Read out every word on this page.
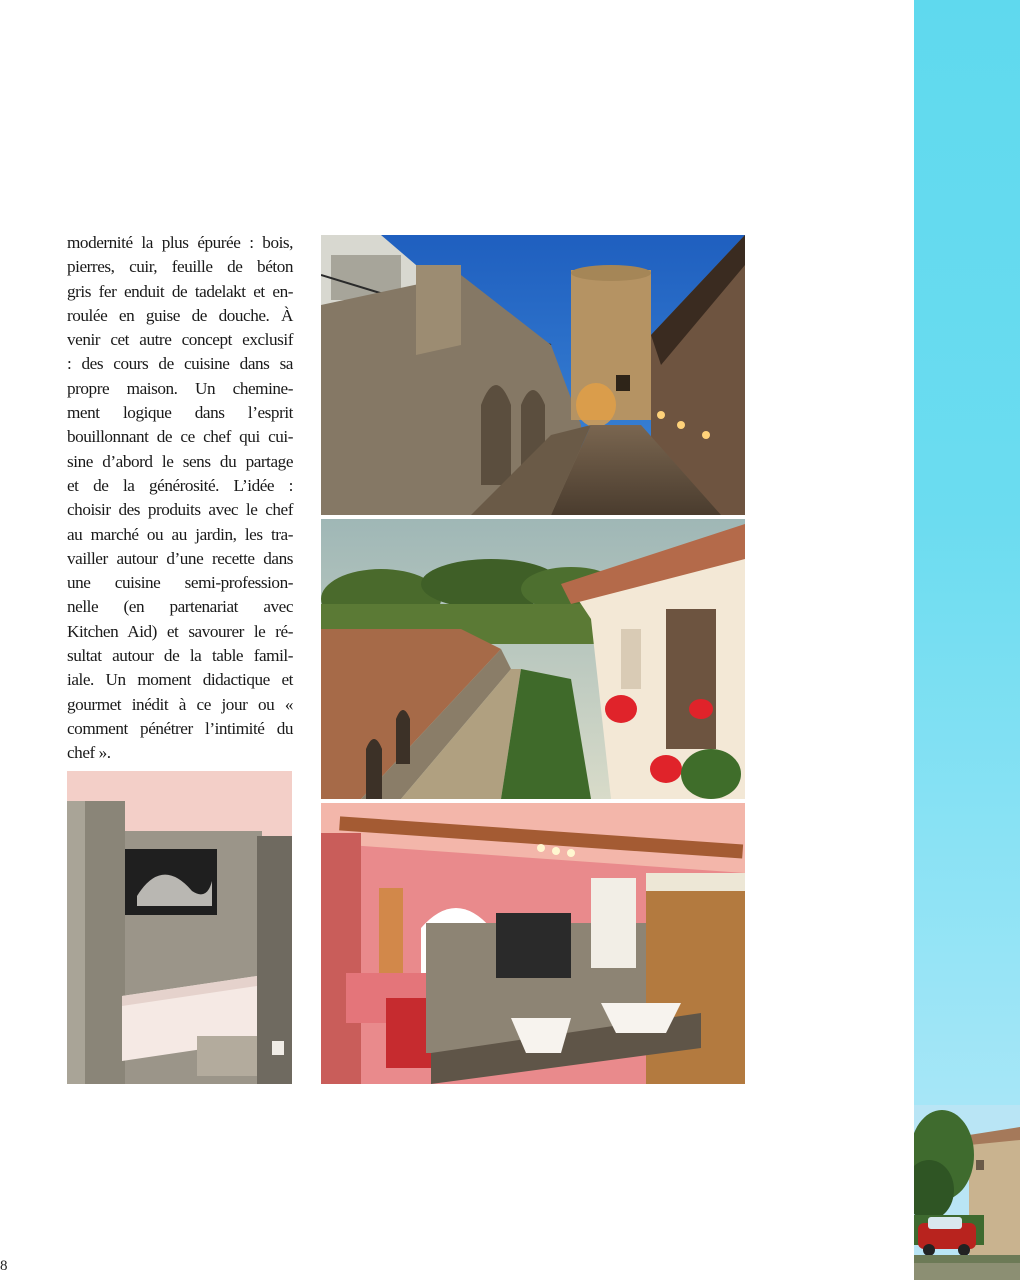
modernité la plus épurée : bois,
pierres, cuir, feuille de béton
gris fer enduit de tadelakt et en-
roulée en guise de douche. À
venir cet autre concept exclusif
: des cours de cuisine dans sa
propre maison. Un chemine-
ment logique dans l’esprit
bouillonnant de ce chef qui cui-
sine d’abord le sens du partage
et de la générosité. L’idée :
choisir des produits avec le chef
au marché ou au jardin, les tra-
vailler autour d’une recette dans
une cuisine semi-profession-
nelle (en partenariat avec
Kitchen Aid) et savourer le ré-
sultat autour de la table famil-
iale. Un moment didactique et
gourmet inédit à ce jour ou «
comment pénétrer l’intimité du
chef ».
8
